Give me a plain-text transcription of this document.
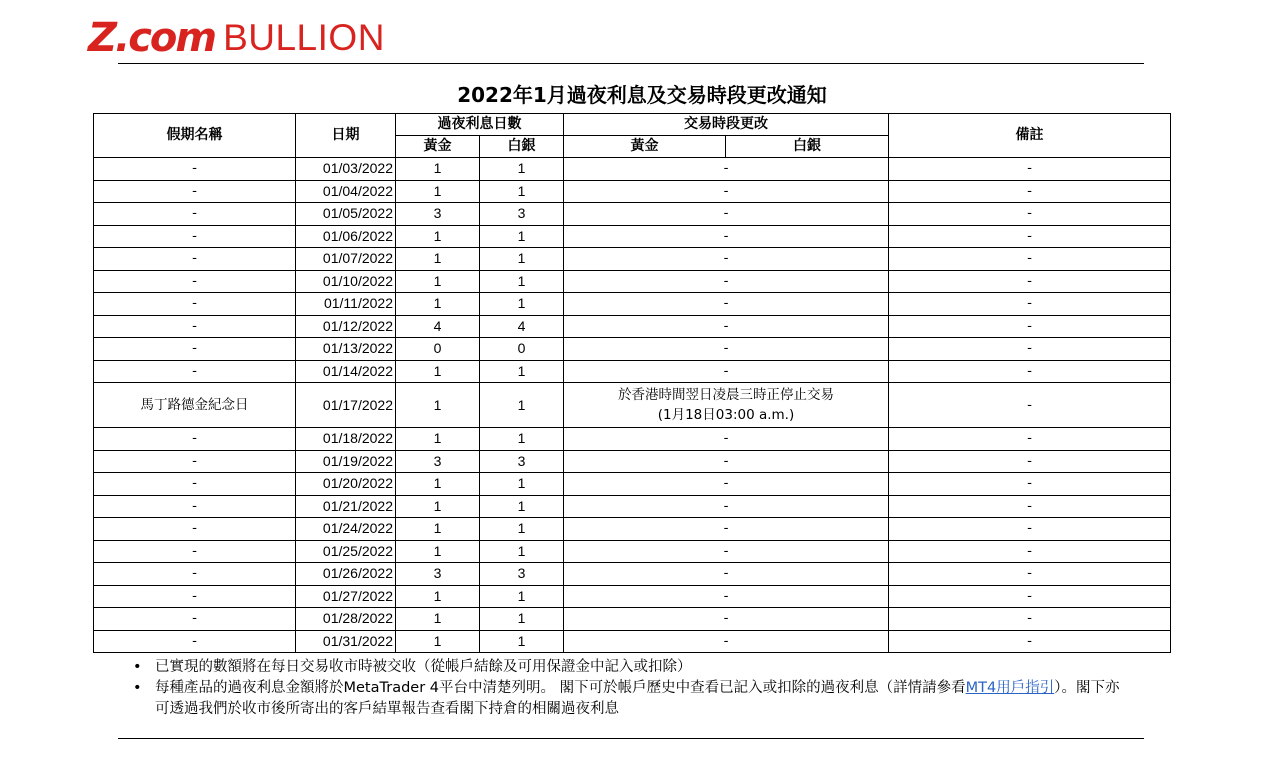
Z.com BULLION
2022年1月過夜利息及交易時段更改通知
假期名稱	日期	過夜利息日數		交易時段更改		備註
		黃金	白銀	黃金	白銀	
-	01/03/2022	1	1	-		-
-	01/04/2022	1	1	-		-
-	01/05/2022	3	3	-		-
-	01/06/2022	1	1	-		-
-	01/07/2022	1	1	-		-
-	01/10/2022	1	1	-		-
-	01/11/2022	1	1	-		-
-	01/12/2022	4	4	-		-
-	01/13/2022	0	0	-		-
-	01/14/2022	1	1	-		-
馬丁路德金紀念日	01/17/2022	1	1	於香港時間翌日凌晨三時正停止交易
(1月18日03:00 a.m.)		-
-	01/18/2022	1	1	-		-
-	01/19/2022	3	3	-		-
-	01/20/2022	1	1	-		-
-	01/21/2022	1	1	-		-
-	01/24/2022	1	1	-		-
-	01/25/2022	1	1	-		-
-	01/26/2022	3	3	-		-
-	01/27/2022	1	1	-		-
-	01/28/2022	1	1	-		-
-	01/31/2022	1	1	-		-
• 已實現的數額將在每日交易收市時被交收（從帳戶結餘及可用保證金中記入或扣除）
• 每種產品的過夜利息金額將於MetaTrader 4平台中清楚列明。 閣下可於帳戶歷史中查看已記入或扣除的過夜利息（詳情請參看MT4用戶指引）。閣下亦可透過我們於收市後所寄出的客戶結單報告查看閣下持倉的相關過夜利息
